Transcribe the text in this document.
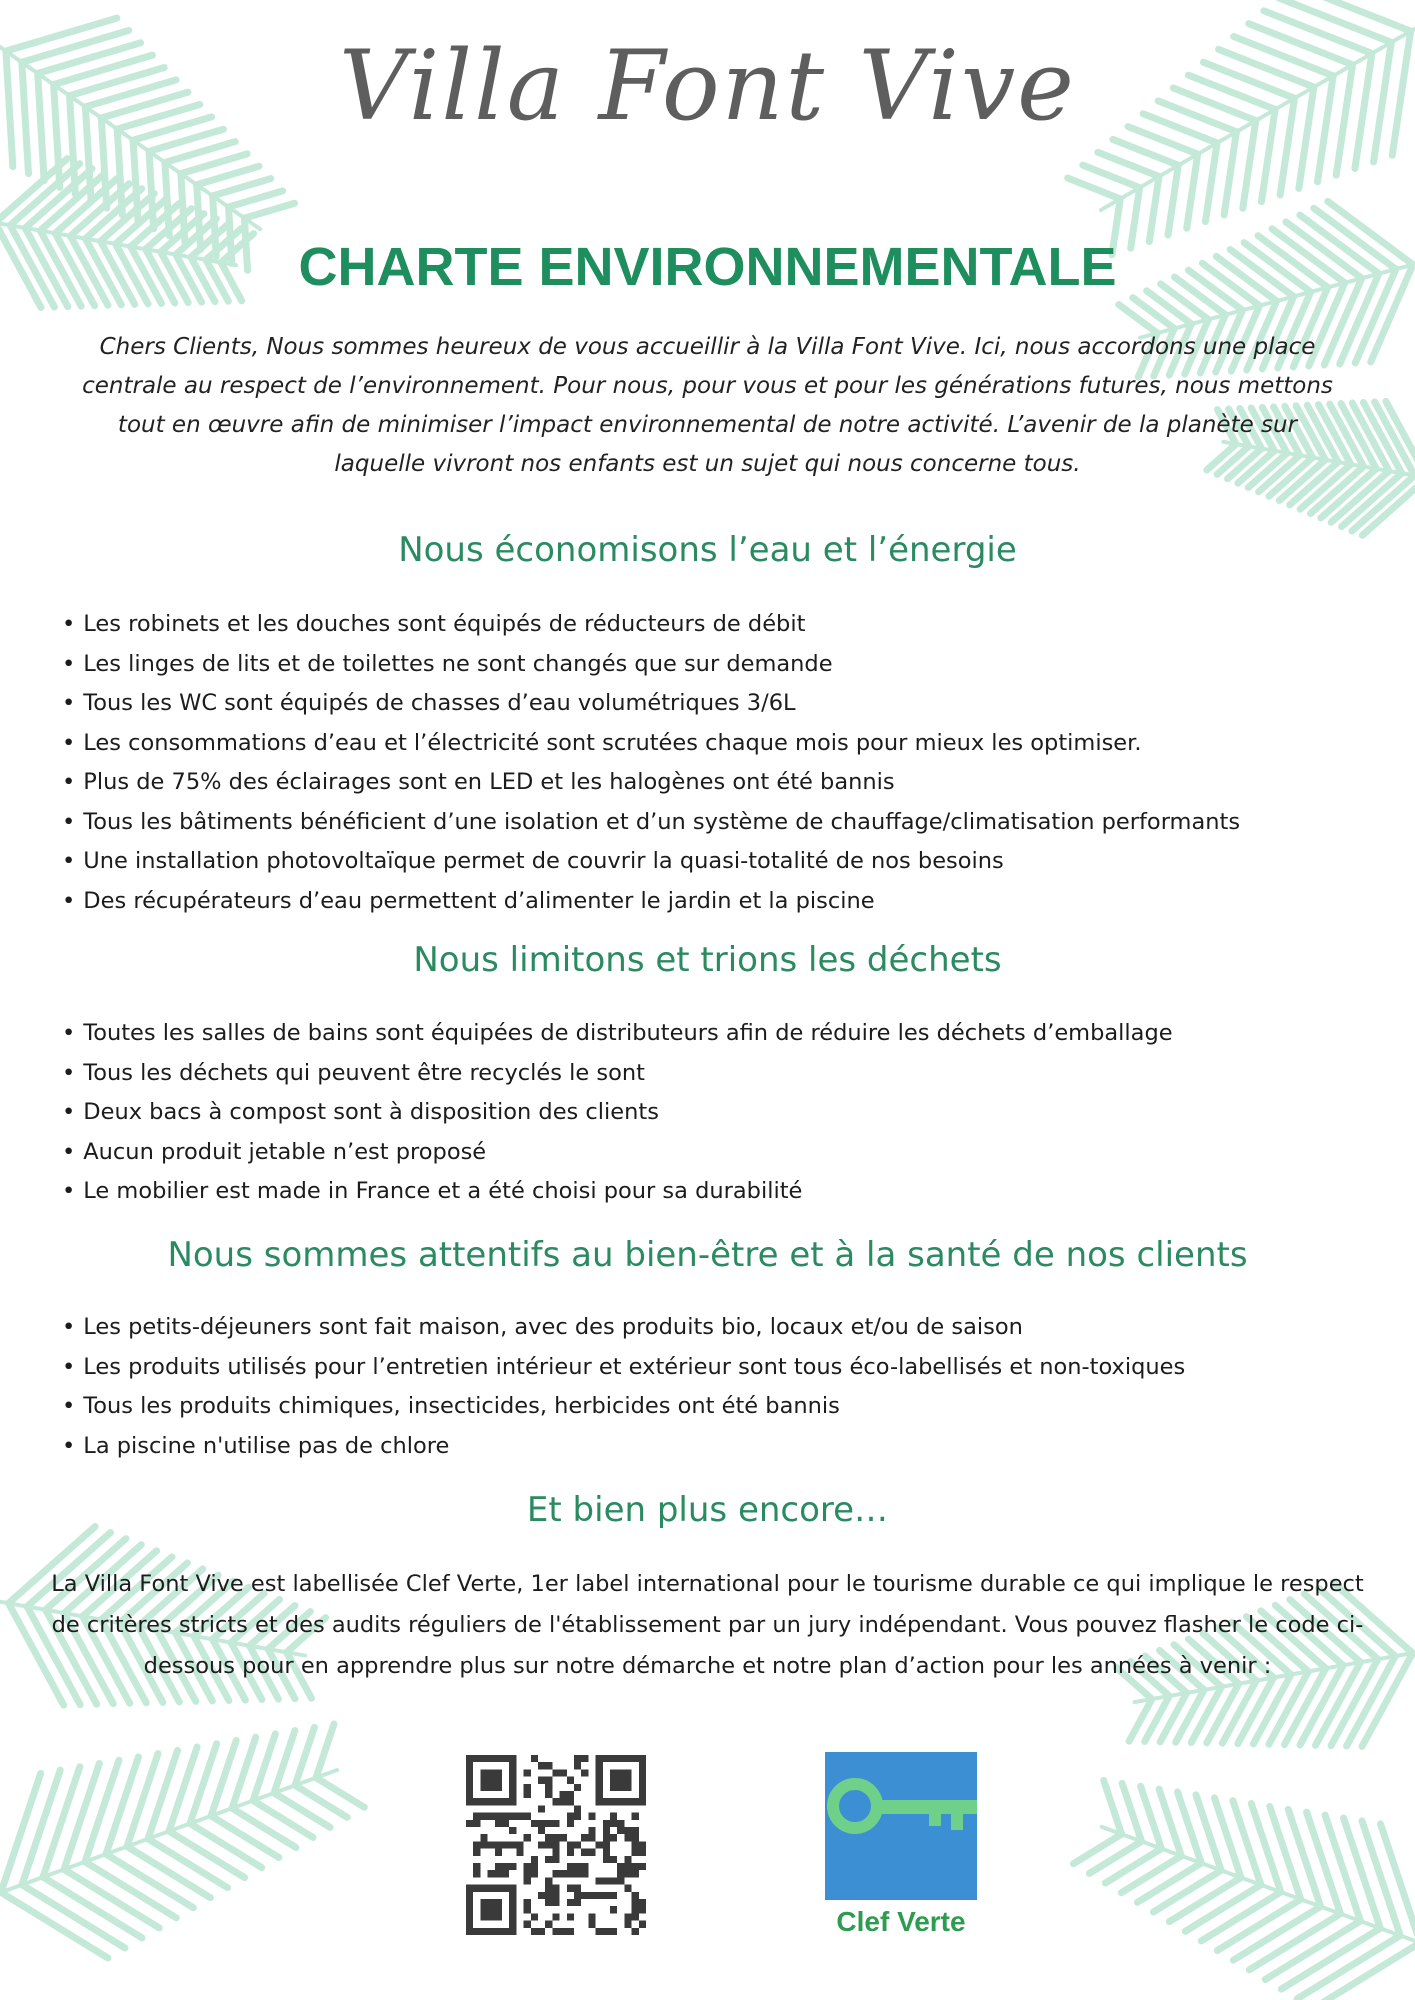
Villa Font Vive
CHARTE ENVIRONNEMENTALE

Chers Clients, Nous sommes heureux de vous accueillir à la Villa Font Vive. Ici, nous accordons une place centrale au respect de l’environnement. Pour nous, pour vous et pour les générations futures, nous mettons tout en œuvre afin de minimiser l’impact environnemental de notre activité. L’avenir de la planète sur laquelle vivront nos enfants est un sujet qui nous concerne tous.

Nous économisons l’eau et l’énergie
• Les robinets et les douches sont équipés de réducteurs de débit
• Les linges de lits et de toilettes ne sont changés que sur demande
• Tous les WC sont équipés de chasses d’eau volumétriques 3/6L
• Les consommations d’eau et l’électricité sont scrutées chaque mois pour mieux les optimiser.
• Plus de 75% des éclairages sont en LED et les halogènes ont été bannis
• Tous les bâtiments bénéficient d’une isolation et d’un système de chauffage/climatisation performants
• Une installation photovoltaïque permet de couvrir la quasi-totalité de nos besoins
• Des récupérateurs d’eau permettent d’alimenter le jardin et la piscine
Nous limitons et trions les déchets
• Toutes les salles de bains sont équipées de distributeurs afin de réduire les déchets d’emballage
• Tous les déchets qui peuvent être recyclés le sont
• Deux bacs à compost sont à disposition des clients
• Aucun produit jetable n’est proposé
• Le mobilier est made in France et a été choisi pour sa durabilité
Nous sommes attentifs au bien-être et à la santé de nos clients
• Les petits-déjeuners sont fait maison, avec des produits bio, locaux et/ou de saison
• Les produits utilisés pour l’entretien intérieur et extérieur sont tous éco-labellisés et non-toxiques
• Tous les produits chimiques, insecticides, herbicides ont été bannis
• La piscine n'utilise pas de chlore
Et bien plus encore…

La Villa Font Vive est labellisée Clef Verte, 1er label international pour le tourisme durable ce qui implique le respect de critères stricts et des audits réguliers de l'établissement par un jury indépendant. Vous pouvez flasher le code ci-dessous pour en apprendre plus sur notre démarche et notre plan d’action pour les années à venir :

Clef Verte
